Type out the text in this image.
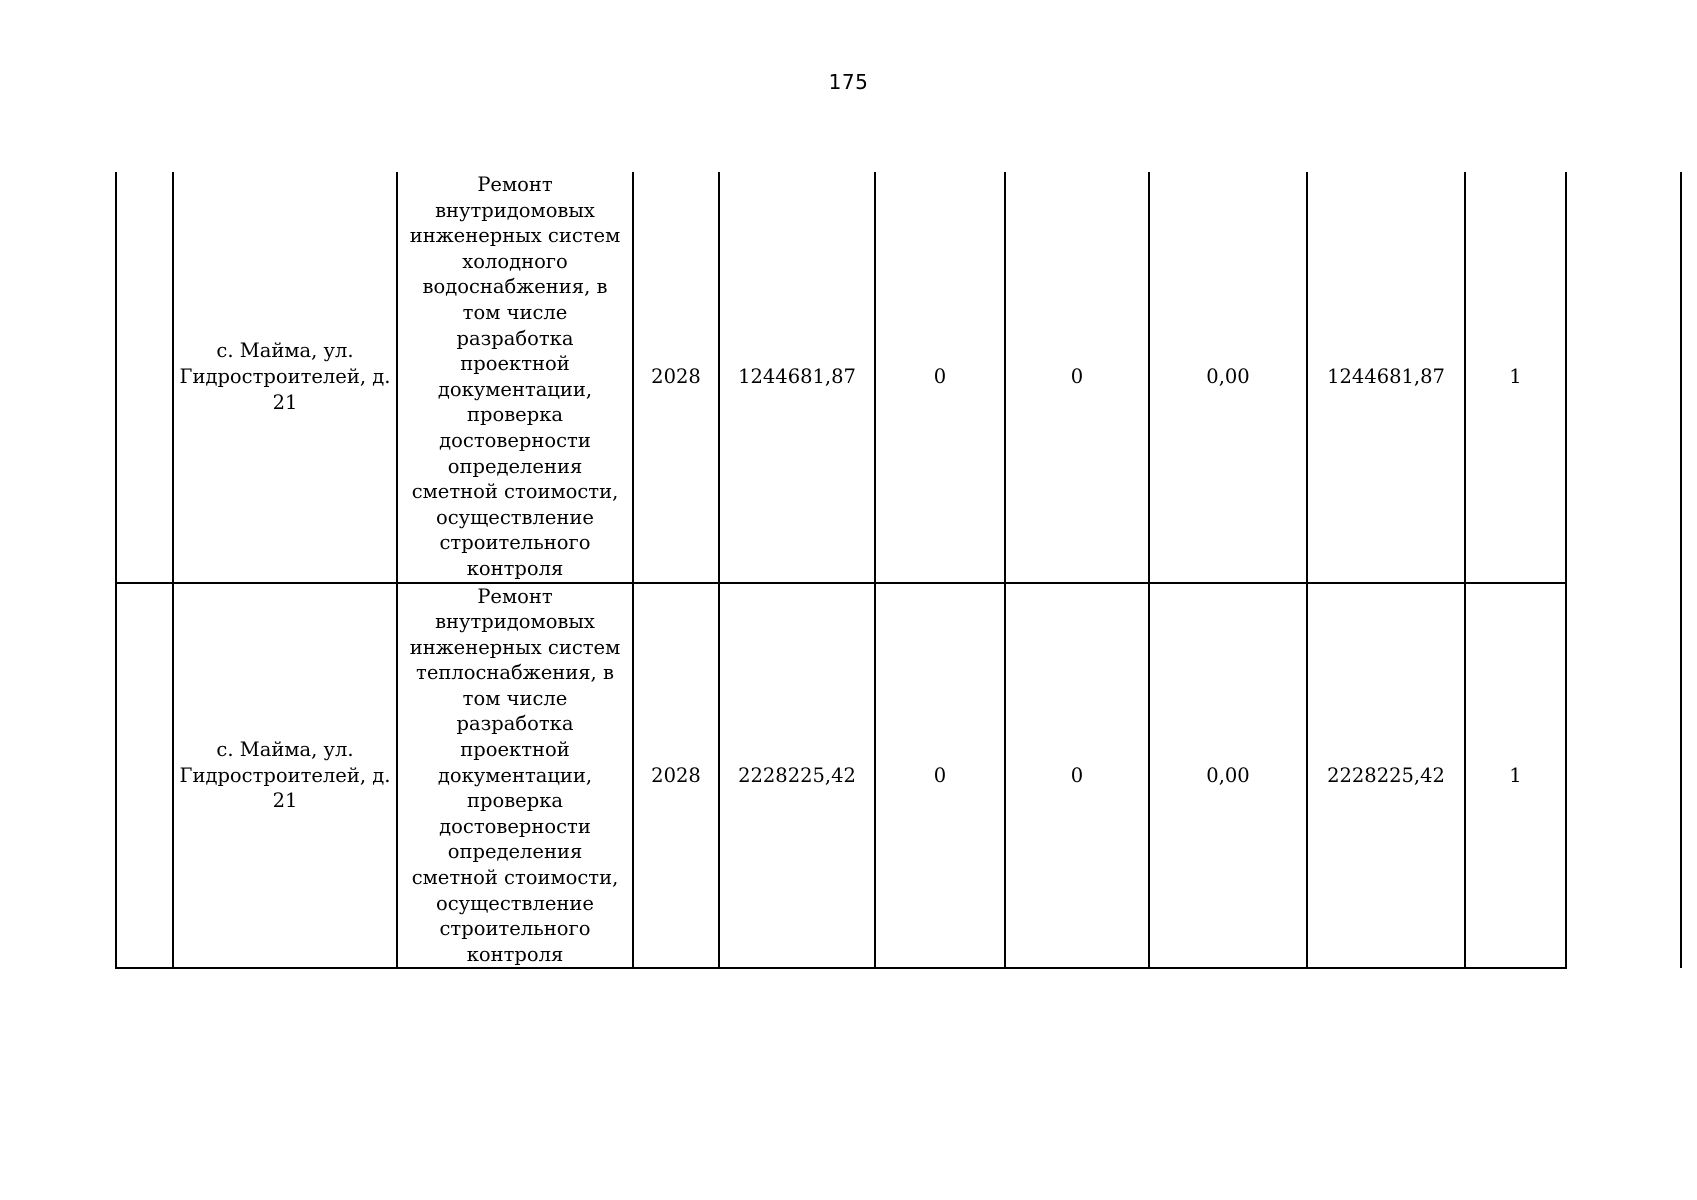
175
	с. Майма, ул. Гидростроителей, д. 21	Ремонт внутридомовых инженерных систем холодного водоснабжения, в том числе разработка проектной документации, проверка достоверности определения сметной стоимости, осуществление строительного контроля	2028	1244681,87	0	0	0,00	1244681,87	1	
	с. Майма, ул. Гидростроителей, д. 21	Ремонт внутридомовых инженерных систем теплоснабжения, в том числе разработка проектной документации, проверка достоверности определения сметной стоимости, осуществление строительного контроля	2028	2228225,42	0	0	0,00	2228225,42	1	
